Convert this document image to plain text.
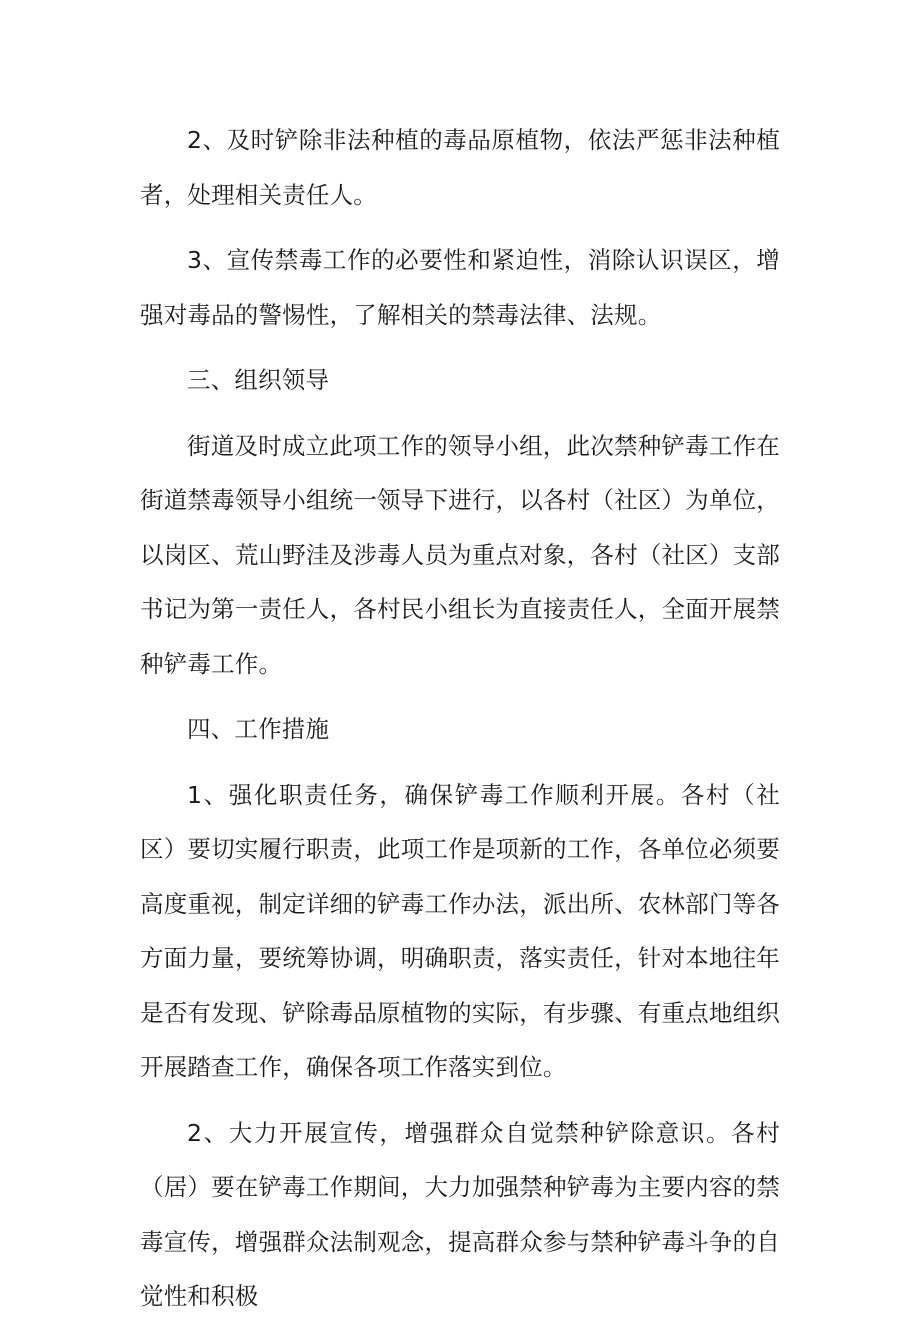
2、及时铲除非法种植的毒品原植物，依法严惩非法种植者，处理相关责任人。

3、宣传禁毒工作的必要性和紧迫性，消除认识误区，增强对毒品的警惕性，了解相关的禁毒法律、法规。

三、组织领导

街道及时成立此项工作的领导小组，此次禁种铲毒工作在街道禁毒领导小组统一领导下进行，以各村（社区）为单位，以岗区、荒山野洼及涉毒人员为重点对象，各村（社区）支部书记为第一责任人，各村民小组长为直接责任人，全面开展禁种铲毒工作。

四、工作措施

1、强化职责任务，确保铲毒工作顺利开展。各村（社区）要切实履行职责，此项工作是项新的工作，各单位必须要高度重视，制定详细的铲毒工作办法，派出所、农林部门等各方面力量，要统筹协调，明确职责，落实责任，针对本地往年是否有发现、铲除毒品原植物的实际，有步骤、有重点地组织开展踏查工作，确保各项工作落实到位。

2、大力开展宣传，增强群众自觉禁种铲除意识。各村（居）要在铲毒工作期间，大力加强禁种铲毒为主要内容的禁毒宣传，增强群众法制观念，提高群众参与禁种铲毒斗争的自觉性和积极
